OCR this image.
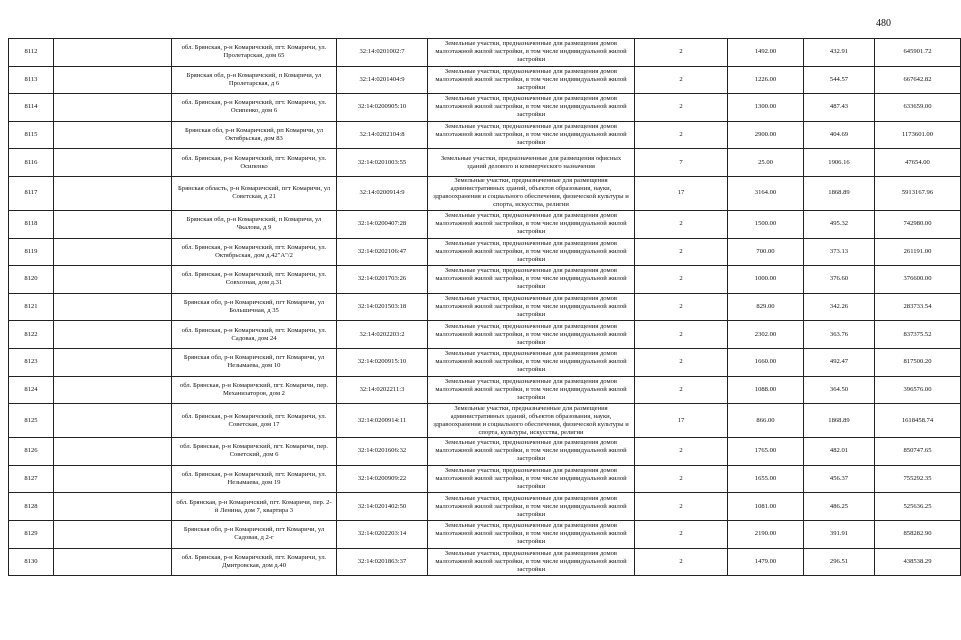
480
8112		обл. Брянская, р-н Комаричский, пгт. Комаричи, ул. Пролетарская, дом 65	32:14:0201002:7	Земельные участки, предназначенные для размещения домов малоэтажной жилой застройки, в том числе индивидуальной жилой застройки	2	1492.00	432.91	645901.72
8113		Брянская обл, р-н Комаричский, п Комаричи, ул Пролетарская, д 6	32:14:0201404:9	Земельные участки, предназначенные для размещения домов малоэтажной жилой застройки, в том числе индивидуальной жилой застройки	2	1226.00	544.57	667642.82
8114		обл. Брянская, р-н Комаричский, пгт. Комаричи, ул. Осипенко, дом 6	32:14:0200905:10	Земельные участки, предназначенные для размещения домов малоэтажной жилой застройки, в том числе индивидуальной жилой застройки	2	1300.00	487.43	633659.00
8115		Брянская обл, р-н Комаричский, рп Комаричи, ул Октябрьская, дом 83	32:14:0202104:8	Земельные участки, предназначенные для размещения домов малоэтажной жилой застройки, в том числе индивидуальной жилой застройки	2	2900.00	404.69	1173601.00
8116		обл. Брянская, р-н Комаричский, пгт. Комаричи, ул. Осипенко	32:14:0201003:55	Земельные участки, предназначенные для размещения офисных зданий делового и коммерческого назначения	7	25.00	1906.16	47654.00
8117		Брянская область, р-н Комаричский, пгт Комаричи, ул Советская, д 21	32:14:0200914:9	Земельные участки, предназначенные для размещения административных зданий, объектов образования, науки, здравоохранения и социального обеспечения, физической культуры и спорта, искусства, религии	17	3164.00	1868.89	5913167.96
8118		Брянская обл, р-н Комаричский, п Комаричи, ул Чкалова, д 9	32:14:0200407:28	Земельные участки, предназначенные для размещения домов малоэтажной жилой застройки, в том числе индивидуальной жилой застройки	2	1500.00	495.32	742980.00
8119		обл. Брянская, р-н Комаричский, пгт. Комаричи, ул. Октябрьская, дом д.42"А"/2	32:14:0202106:47	Земельные участки, предназначенные для размещения домов малоэтажной жилой застройки, в том числе индивидуальной жилой застройки	2	700.00	373.13	261191.00
8120		обл. Брянская, р-н Комаричский, пгт. Комаричи, ул. Совхозная, дом д.31	32:14:0201703:26	Земельные участки, предназначенные для размещения домов малоэтажной жилой застройки, в том числе индивидуальной жилой застройки	2	1000.00	376.60	376600.00
8121		Брянская обл, р-н Комаричский, пгт Комаричи, ул Большичная, д 35	32:14:0201503:18	Земельные участки, предназначенные для размещения домов малоэтажной жилой застройки, в том числе индивидуальной жилой застройки	2	829.00	342.26	283733.54
8122		обл. Брянская, р-н Комаричский, пгт. Комаричи, ул. Садовая, дом 24	32:14:0202203:2	Земельные участки, предназначенные для размещения домов малоэтажной жилой застройки, в том числе индивидуальной жилой застройки	2	2302.00	363.76	837375.52
8123		Брянская обл, р-н Комаричский, пгт Комаричи, ул Незымаева, дом 10	32:14:0200915:10	Земельные участки, предназначенные для размещения домов малоэтажной жилой застройки, в том числе индивидуальной жилой застройки	2	1660.00	492.47	817500.20
8124		обл. Брянская, р-н Комаричский, пгт. Комаричи, пер. Механизаторов, дом 2	32:14:0202211:3	Земельные участки, предназначенные для размещения домов малоэтажной жилой застройки, в том числе индивидуальной жилой застройки	2	1088.00	364.50	396576.00
8125		обл. Брянская, р-н Комаричский, пгт. Комаричи, ул. Советская, дом 17	32:14:0200914:11	Земельные участки, предназначенные для размещения административных зданий, объектов образования, науки, здравоохранения и социального обеспечения, физической культуры и спорта, культуры, искусства, религии	17	866.00	1868.89	1618458.74
8126		обл. Брянская, р-н Комаричский, пгт. Комаричи, пер. Советский, дом 6	32:14:0201606:32	Земельные участки, предназначенные для размещения домов малоэтажной жилой застройки, в том числе индивидуальной жилой застройки	2	1765.00	482.01	850747.65
8127		обл. Брянская, р-н Комаричский, пгт. Комаричи, ул. Незымаева, дом 19	32:14:0200909:22	Земельные участки, предназначенные для размещения домов малоэтажной жилой застройки, в том числе индивидуальной жилой застройки	2	1655.00	456.37	755292.35
8128		обл. Брянская, р-н Комаричский, пгт. Комаричи, пер. 2-й Ленина, дом 7, квартира 3	32:14:0201402:50	Земельные участки, предназначенные для размещения домов малоэтажной жилой застройки, в том числе индивидуальной жилой застройки	2	1081.00	486.25	525636.25
8129		Брянская обл, р-н Комаричский, пгт Комаричи, ул Садовая, д 2-г	32:14:0202203:14	Земельные участки, предназначенные для размещения домов малоэтажной жилой застройки, в том числе индивидуальной жилой застройки	2	2190.00	391.91	858282.90
8130		обл. Брянская, р-н Комаричский, пгт. Комаричи, ул. Дмитровская, дом д.40	32:14:0201863:37	Земельные участки, предназначенные для размещения домов малоэтажной жилой застройки, в том числе индивидуальной жилой застройки	2	1479.00	296.51	438538.29
